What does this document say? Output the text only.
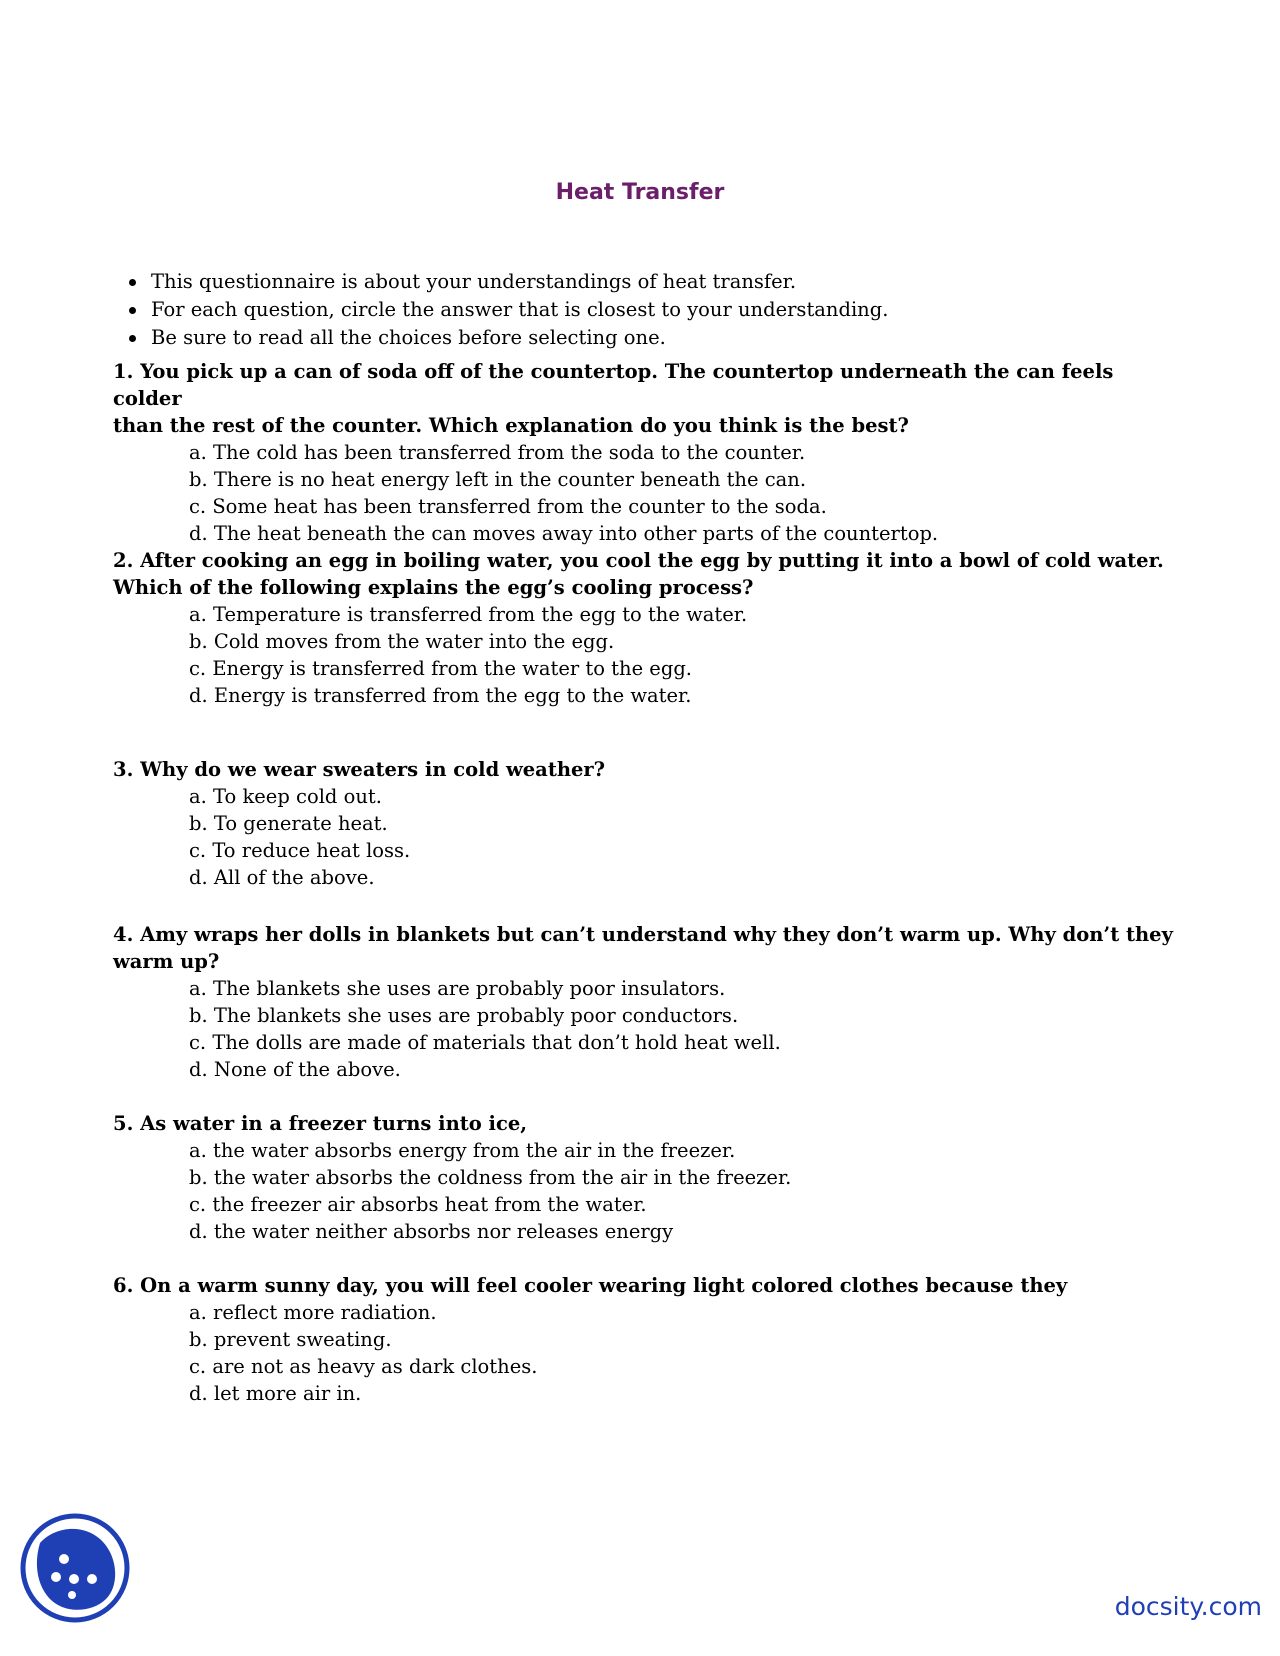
Heat Transfer
This questionnaire is about your understandings of heat transfer.
For each question, circle the answer that is closest to your understanding.
Be sure to read all the choices before selecting one.

1. You pick up a can of soda off of the countertop. The countertop underneath the can feels colder
than the rest of the counter. Which explanation do you think is the best?

a. The cold has been transferred from the soda to the counter.
b. There is no heat energy left in the counter beneath the can.
c. Some heat has been transferred from the counter to the soda.
d. The heat beneath the can moves away into other parts of the countertop.

2. After cooking an egg in boiling water, you cool the egg by putting it into a bowl of cold water.
Which of the following explains the egg’s cooling process?

a. Temperature is transferred from the egg to the water.
b. Cold moves from the water into the egg.
c. Energy is transferred from the water to the egg.
d. Energy is transferred from the egg to the water.

3. Why do we wear sweaters in cold weather?

a. To keep cold out.
b. To generate heat.
c. To reduce heat loss.
d. All of the above.

4. Amy wraps her dolls in blankets but can’t understand why they don’t warm up. Why don’t they
warm up?

a. The blankets she uses are probably poor insulators.
b. The blankets she uses are probably poor conductors.
c. The dolls are made of materials that don’t hold heat well.
d. None of the above.

5. As water in a freezer turns into ice,

a. the water absorbs energy from the air in the freezer.
b. the water absorbs the coldness from the air in the freezer.
c. the freezer air absorbs heat from the water.
d. the water neither absorbs nor releases energy

6. On a warm sunny day, you will feel cooler wearing light colored clothes because they

a. reflect more radiation.
b. prevent sweating.
c. are not as heavy as dark clothes.
d. let more air in.
docsity.com
